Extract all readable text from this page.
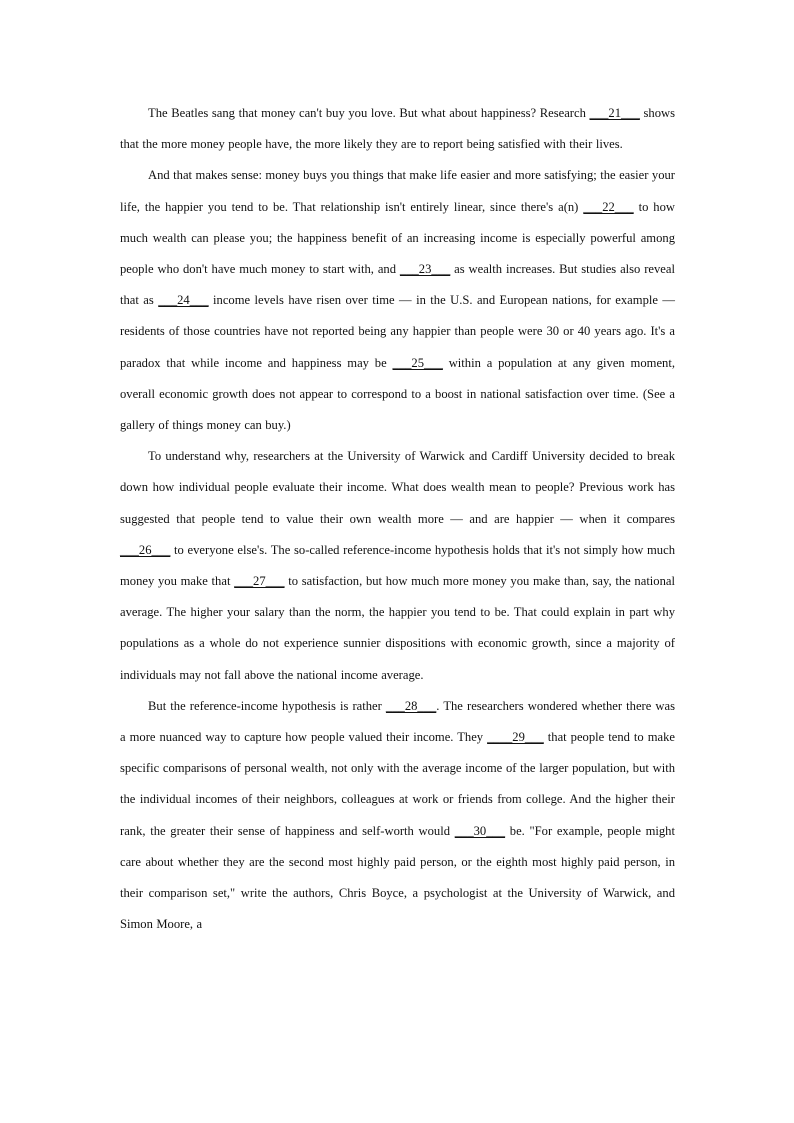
The Beatles sang that money can't buy you love. But what about happiness? Research ___21___ shows that the more money people have, the more likely they are to report being satisfied with their lives.

And that makes sense: money buys you things that make life easier and more satisfying; the easier your life, the happier you tend to be. That relationship isn't entirely linear, since there's a(n) ___22___ to how much wealth can please you; the happiness benefit of an increasing income is especially powerful among people who don't have much money to start with, and ___23___ as wealth increases. But studies also reveal that as ___24___ income levels have risen over time — in the U.S. and European nations, for example — residents of those countries have not reported being any happier than people were 30 or 40 years ago. It's a paradox that while income and happiness may be ___25___ within a population at any given moment, overall economic growth does not appear to correspond to a boost in national satisfaction over time. (See a gallery of things money can buy.)

To understand why, researchers at the University of Warwick and Cardiff University decided to break down how individual people evaluate their income. What does wealth mean to people? Previous work has suggested that people tend to value their own wealth more — and are happier — when it compares ___26___ to everyone else's. The so-called reference-income hypothesis holds that it's not simply how much money you make that ___27___ to satisfaction, but how much more money you make than, say, the national average. The higher your salary than the norm, the happier you tend to be. That could explain in part why populations as a whole do not experience sunnier dispositions with economic growth, since a majority of individuals may not fall above the national income average.

But the reference-income hypothesis is rather ___28___. The researchers wondered whether there was a more nuanced way to capture how people valued their income. They ____29___ that people tend to make specific comparisons of personal wealth, not only with the average income of the larger population, but with the individual incomes of their neighbors, colleagues at work or friends from college. And the higher their rank, the greater their sense of happiness and self-worth would ___30___ be. "For example, people might care about whether they are the second most highly paid person, or the eighth most highly paid person, in their comparison set," write the authors, Chris Boyce, a psychologist at the University of Warwick, and Simon Moore, a
